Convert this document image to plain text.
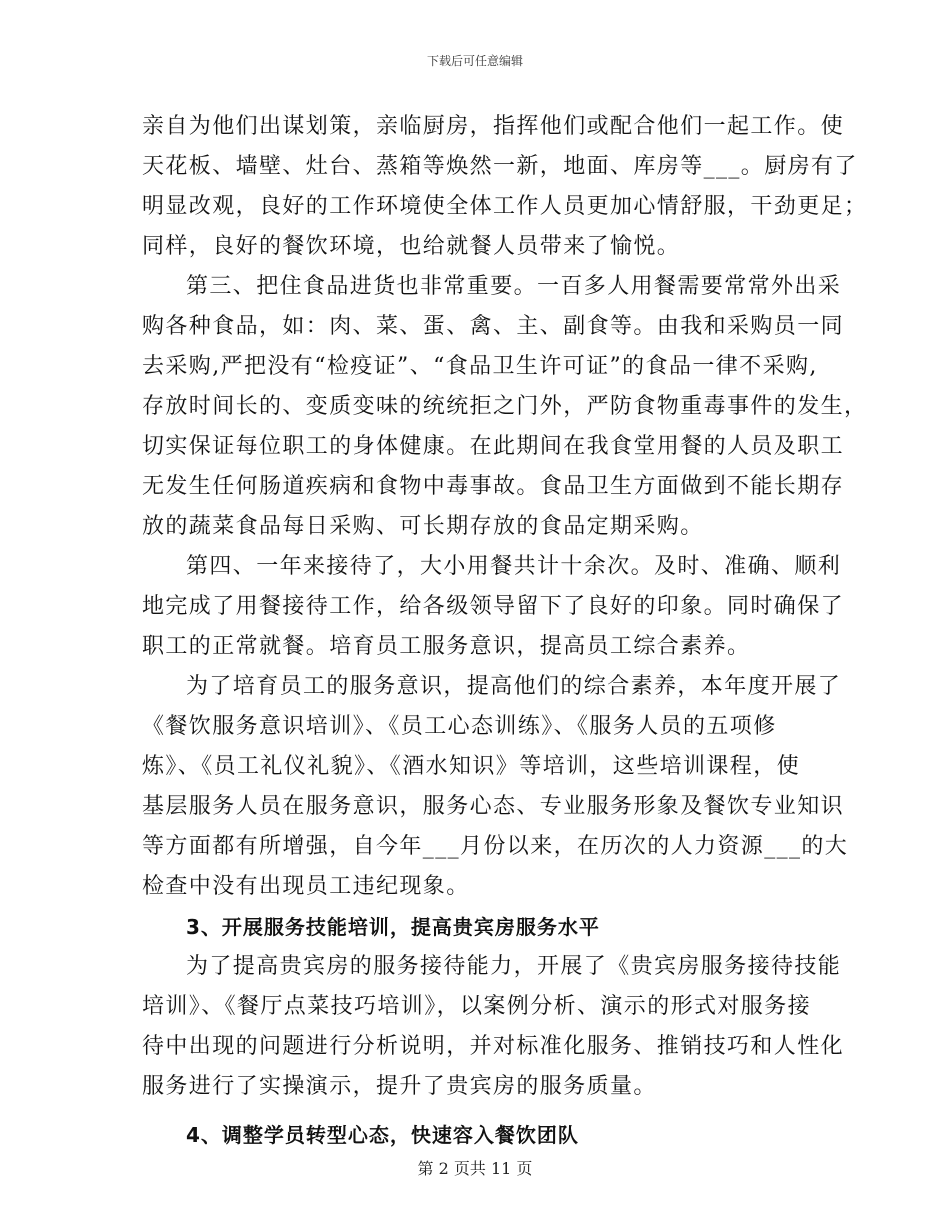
下载后可任意编辑
亲自为他们出谋划策，亲临厨房，指挥他们或配合他们一起工作。使
天花板、墙壁、灶台、蒸箱等焕然一新，地面、库房等___。厨房有了
明显改观，良好的工作环境使全体工作人员更加心情舒服，干劲更足；
同样，良好的餐饮环境，也给就餐人员带来了愉悦。
第三、把住食品进货也非常重要。一百多人用餐需要常常外出采
购各种食品，如：肉、菜、蛋、禽、主、副食等。由我和采购员一同
去采购,严把没有“检疫证”、“食品卫生许可证”的食品一律不采购,
存放时间长的、变质变味的统统拒之门外，严防食物重毒事件的发生，
切实保证每位职工的身体健康。在此期间在我食堂用餐的人员及职工
无发生任何肠道疾病和食物中毒事故。食品卫生方面做到不能长期存
放的蔬菜食品每日采购、可长期存放的食品定期采购。
第四、一年来接待了，大小用餐共计十余次。及时、准确、顺利
地完成了用餐接待工作，给各级领导留下了良好的印象。同时确保了
职工的正常就餐。培育员工服务意识，提高员工综合素养。
为了培育员工的服务意识，提高他们的综合素养，本年度开展了
《餐饮服务意识培训》、《员工心态训练》、《服务人员的五项修
炼》、《员工礼仪礼貌》、《酒水知识》等培训，这些培训课程，使
基层服务人员在服务意识，服务心态、专业服务形象及餐饮专业知识
等方面都有所增强，自今年___月份以来，在历次的人力资源___的大
检查中没有出现员工违纪现象。
3、开展服务技能培训，提高贵宾房服务水平
为了提高贵宾房的服务接待能力，开展了《贵宾房服务接待技能
培训》、《餐厅点菜技巧培训》，以案例分析、演示的形式对服务接
待中出现的问题进行分析说明，并对标准化服务、推销技巧和人性化
服务进行了实操演示，提升了贵宾房的服务质量。
4、调整学员转型心态，快速容入餐饮团队
第 2 页共 11 页
